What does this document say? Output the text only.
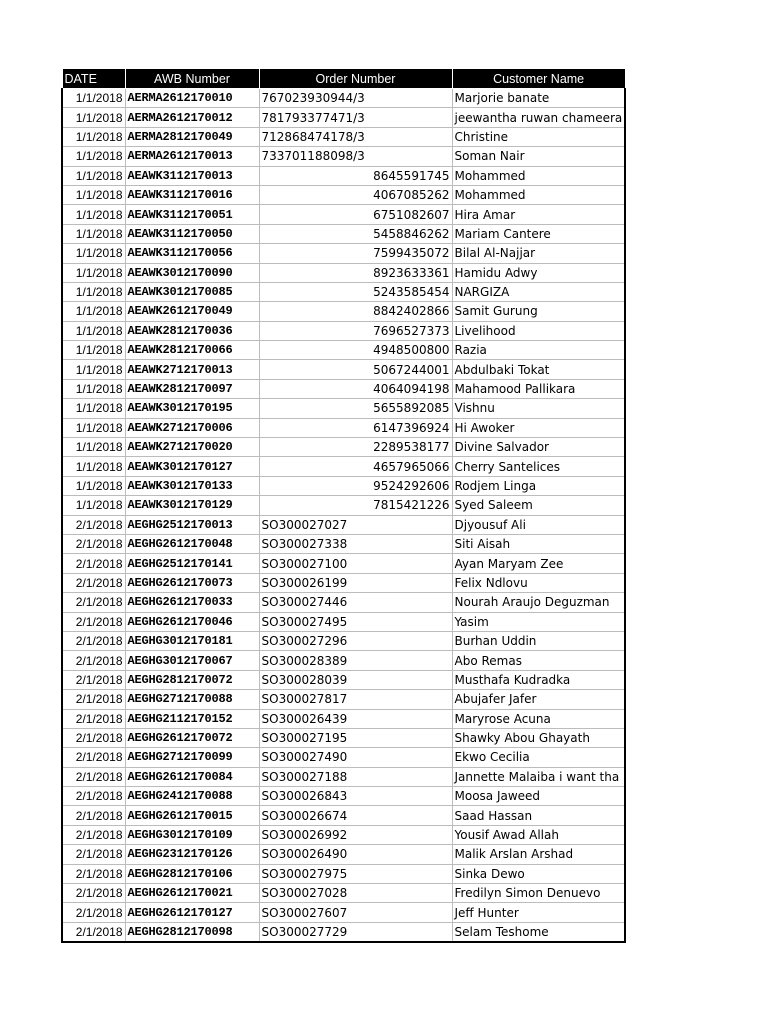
DATE	AWB Number	Order Number	Customer Name
1/1/2018	AERMA2612170010	767023930944/3	Marjorie banate
1/1/2018	AERMA2612170012	781793377471/3	jeewantha ruwan chameera
1/1/2018	AERMA2812170049	712868474178/3	Christine
1/1/2018	AERMA2612170013	733701188098/3	Soman Nair
1/1/2018	AEAWK3112170013	8645591745	Mohammed
1/1/2018	AEAWK3112170016	4067085262	Mohammed
1/1/2018	AEAWK3112170051	6751082607	Hira Amar
1/1/2018	AEAWK3112170050	5458846262	Mariam Cantere
1/1/2018	AEAWK3112170056	7599435072	Bilal Al-Najjar
1/1/2018	AEAWK3012170090	8923633361	Hamidu Adwy
1/1/2018	AEAWK3012170085	5243585454	NARGIZA
1/1/2018	AEAWK2612170049	8842402866	Samit Gurung
1/1/2018	AEAWK2812170036	7696527373	Livelihood
1/1/2018	AEAWK2812170066	4948500800	Razia
1/1/2018	AEAWK2712170013	5067244001	Abdulbaki Tokat
1/1/2018	AEAWK2812170097	4064094198	Mahamood Pallikara
1/1/2018	AEAWK3012170195	5655892085	Vishnu
1/1/2018	AEAWK2712170006	6147396924	Hi Awoker
1/1/2018	AEAWK2712170020	2289538177	Divine Salvador
1/1/2018	AEAWK3012170127	4657965066	Cherry Santelices
1/1/2018	AEAWK3012170133	9524292606	Rodjem Linga
1/1/2018	AEAWK3012170129	7815421226	Syed Saleem
2/1/2018	AEGHG2512170013	SO300027027	Djyousuf Ali
2/1/2018	AEGHG2612170048	SO300027338	Siti Aisah
2/1/2018	AEGHG2512170141	SO300027100	Ayan Maryam Zee
2/1/2018	AEGHG2612170073	SO300026199	Felix Ndlovu
2/1/2018	AEGHG2612170033	SO300027446	Nourah Araujo Deguzman
2/1/2018	AEGHG2612170046	SO300027495	Yasim
2/1/2018	AEGHG3012170181	SO300027296	Burhan Uddin
2/1/2018	AEGHG3012170067	SO300028389	Abo Remas
2/1/2018	AEGHG2812170072	SO300028039	Musthafa Kudradka
2/1/2018	AEGHG2712170088	SO300027817	Abujafer Jafer
2/1/2018	AEGHG2112170152	SO300026439	Maryrose Acuna
2/1/2018	AEGHG2612170072	SO300027195	Shawky Abou Ghayath
2/1/2018	AEGHG2712170099	SO300027490	Ekwo Cecilia
2/1/2018	AEGHG2612170084	SO300027188	Jannette Malaiba i want tha
2/1/2018	AEGHG2412170088	SO300026843	Moosa Jaweed
2/1/2018	AEGHG2612170015	SO300026674	Saad Hassan
2/1/2018	AEGHG3012170109	SO300026992	Yousif Awad Allah
2/1/2018	AEGHG2312170126	SO300026490	Malik Arslan Arshad
2/1/2018	AEGHG2812170106	SO300027975	Sinka Dewo
2/1/2018	AEGHG2612170021	SO300027028	Fredilyn Simon Denuevo
2/1/2018	AEGHG2612170127	SO300027607	Jeff Hunter
2/1/2018	AEGHG2812170098	SO300027729	Selam Teshome
